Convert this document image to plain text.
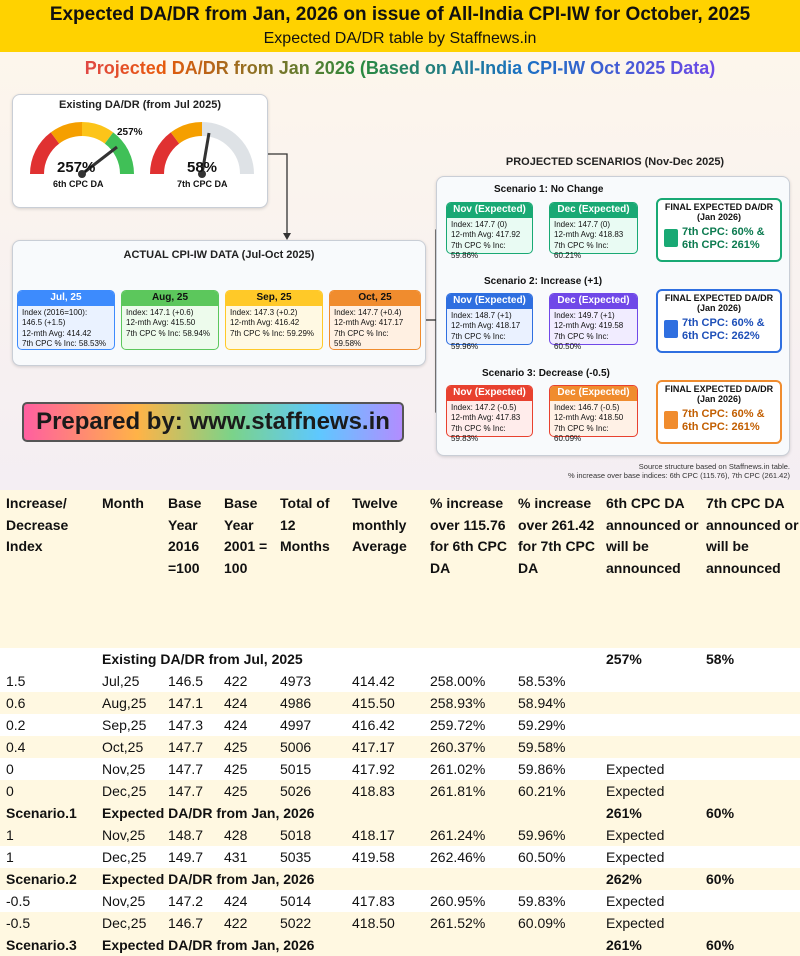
Expected DA/DR from Jan, 2026 on issue of All-India CPI-IW for October, 2025
Expected DA/DR table by Staffnews.in
Projected DA/DR from Jan 2026 (Based on All-India CPI-IW Oct 2025 Data)
Existing DA/DR (from Jul 2025)
257%
257%
6th CPC DA
58%
7th CPC DA
ACTUAL CPI-IW DATA (Jul-Oct 2025)
Jul, 25
Index (2016=100):
146.5 (+1.5)
12-mth Avg: 414.42
7th CPC % Inc: 58.53%
Aug, 25
Index: 147.1 (+0.6)
12-mth Avg: 415.50
7th CPC % Inc: 58.94%
Sep, 25
Index: 147.3 (+0.2)
12-mth Avg: 416.42
7th CPC % Inc: 59.29%
Oct, 25
Index: 147.7 (+0.4)
12-mth Avg: 417.17
7th CPC % Inc: 59.58%
PROJECTED SCENARIOS (Nov-Dec 2025)
Scenario 1: No Change
Nov (Expected)
Index: 147.7 (0)
12-mth Avg: 417.92
7th CPC % Inc: 59.86%
Dec (Expected)
Index: 147.7 (0)
12-mth Avg: 418.83
7th CPC % Inc: 60.21%
FINAL EXPECTED DA/DR
(Jan 2026)
7th CPC: 60% &
6th CPC: 261%
Scenario 2: Increase (+1)
Nov (Expected)
Index: 148.7 (+1)
12-mth Avg: 418.17
7th CPC % Inc: 59.96%
Dec (Expected)
Index: 149.7 (+1)
12-mth Avg: 419.58
7th CPC % Inc: 60.50%
FINAL EXPECTED DA/DR
(Jan 2026)
7th CPC: 60% &
6th CPC: 262%
Scenario 3: Decrease (-0.5)
Nov (Expected)
Index: 147.2 (-0.5)
12-mth Avg: 417.83
7th CPC % Inc: 59.83%
Dec (Expected)
Index: 146.7 (-0.5)
12-mth Avg: 418.50
7th CPC % Inc: 60.09%
FINAL EXPECTED DA/DR
(Jan 2026)
7th CPC: 60% &
6th CPC: 261%
Prepared by: www.staffnews.in
Source structure based on Staffnews.in table.
% increase over base indices: 6th CPC (115.76), 7th CPC (261.42)
Increase/ Decrease Index	Month	Base Year 2016 =100	Base Year 2001 = 100	Total of 12 Months	Twelve monthly Average	% increase over 115.76 for 6th CPC DA	% increase over 261.42 for 7th CPC DA	6th CPC DA announced or will be announced	7th CPC DA announced or will be announced
	Existing DA/DR from Jul, 2025							257%	58%
1.5	Jul,25	146.5	422	4973	414.42	258.00%	58.53%		
0.6	Aug,25	147.1	424	4986	415.50	258.93%	58.94%		
0.2	Sep,25	147.3	424	4997	416.42	259.72%	59.29%		
0.4	Oct,25	147.7	425	5006	417.17	260.37%	59.58%		
0	Nov,25	147.7	425	5015	417.92	261.02%	59.86%	Expected	
0	Dec,25	147.7	425	5026	418.83	261.81%	60.21%	Expected	
Scenario.1	Expected DA/DR from Jan, 2026							261%	60%
1	Nov,25	148.7	428	5018	418.17	261.24%	59.96%	Expected	
1	Dec,25	149.7	431	5035	419.58	262.46%	60.50%	Expected	
Scenario.2	Expected DA/DR from Jan, 2026							262%	60%
-0.5	Nov,25	147.2	424	5014	417.83	260.95%	59.83%	Expected	
-0.5	Dec,25	146.7	422	5022	418.50	261.52%	60.09%	Expected	
Scenario.3	Expected DA/DR from Jan, 2026							261%	60%
